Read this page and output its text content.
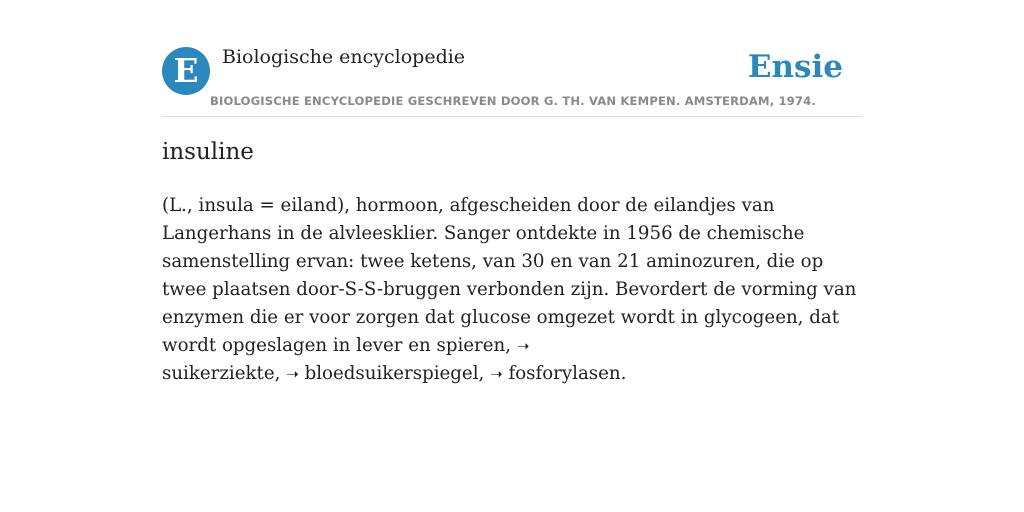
E	Biologische encyclopedie
BIOLOGISCHE ENCYCLOPEDIE GESCHREVEN DOOR G. TH. VAN KEMPEN. AMSTERDAM, 1974.
Ensie
insuline

(L., insula = eiland), hormoon, afgescheiden door de eilandjes van Langerhans in de alvleesklier. Sanger ontdekte in 1956 de chemische samenstelling ervan: twee ketens, van 30 en van 21 aminozuren, die op twee plaatsen door-S-S-bruggen verbonden zijn. Bevordert de vorming van enzymen die er voor zorgen dat glucose omgezet wordt in glycogeen, dat wordt opgeslagen in lever en spieren, ➝
suikerziekte, ➝ bloedsuikerspiegel, ➝ fosforylasen.
